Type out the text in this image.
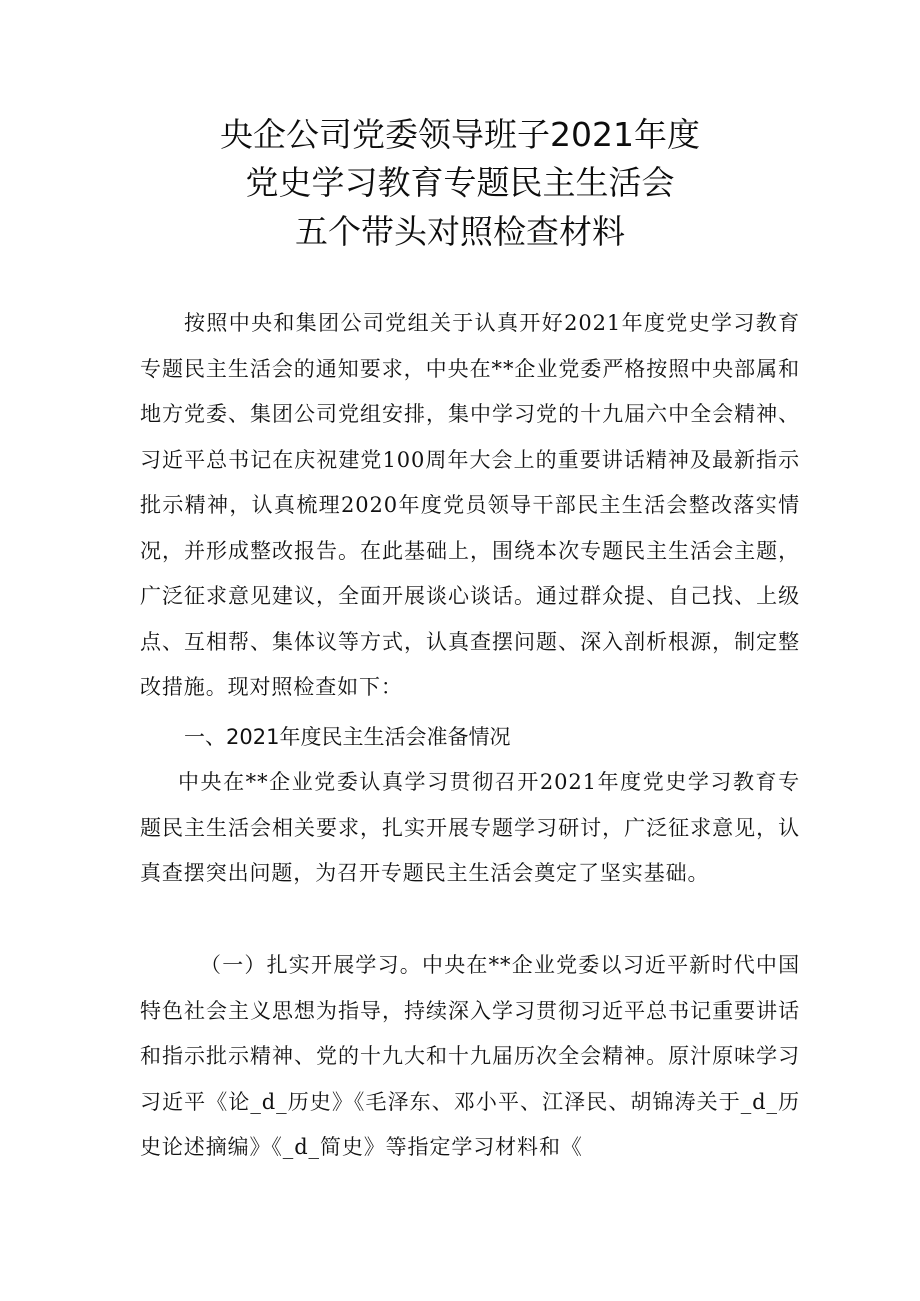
央企公司党委领导班子2021年度
党史学习教育专题民主生活会
五个带头对照检查材料
按照中央和集团公司党组关于认真开好2021年度党史学习教育专题民主生活会的通知要求，中央在**企业党委严格按照中央部属和地方党委、集团公司党组安排，集中学习党的十九届六中全会精神、习近平总书记在庆祝建党100周年大会上的重要讲话精神及最新指示批示精神，认真梳理2020年度党员领导干部民主生活会整改落实情况，并形成整改报告。在此基础上，围绕本次专题民主生活会主题，广泛征求意见建议，全面开展谈心谈话。通过群众提、自己找、上级点、互相帮、集体议等方式，认真查摆问题、深入剖析根源，制定整改措施。现对照检查如下：
一、2021年度民主生活会准备情况
中央在**企业党委认真学习贯彻召开2021年度党史学习教育专题民主生活会相关要求，扎实开展专题学习研讨，广泛征求意见，认真查摆突出问题，为召开专题民主生活会奠定了坚实基础。
（一）扎实开展学习。中央在**企业党委以习近平新时代中国特色社会主义思想为指导，持续深入学习贯彻习近平总书记重要讲话和指示批示精神、党的十九大和十九届历次全会精神。原汁原味学习习近平《论_d_历史》《毛泽东、邓小平、江泽民、胡锦涛关于_d_历史论述摘编》《_d_简史》等指定学习材料和《
